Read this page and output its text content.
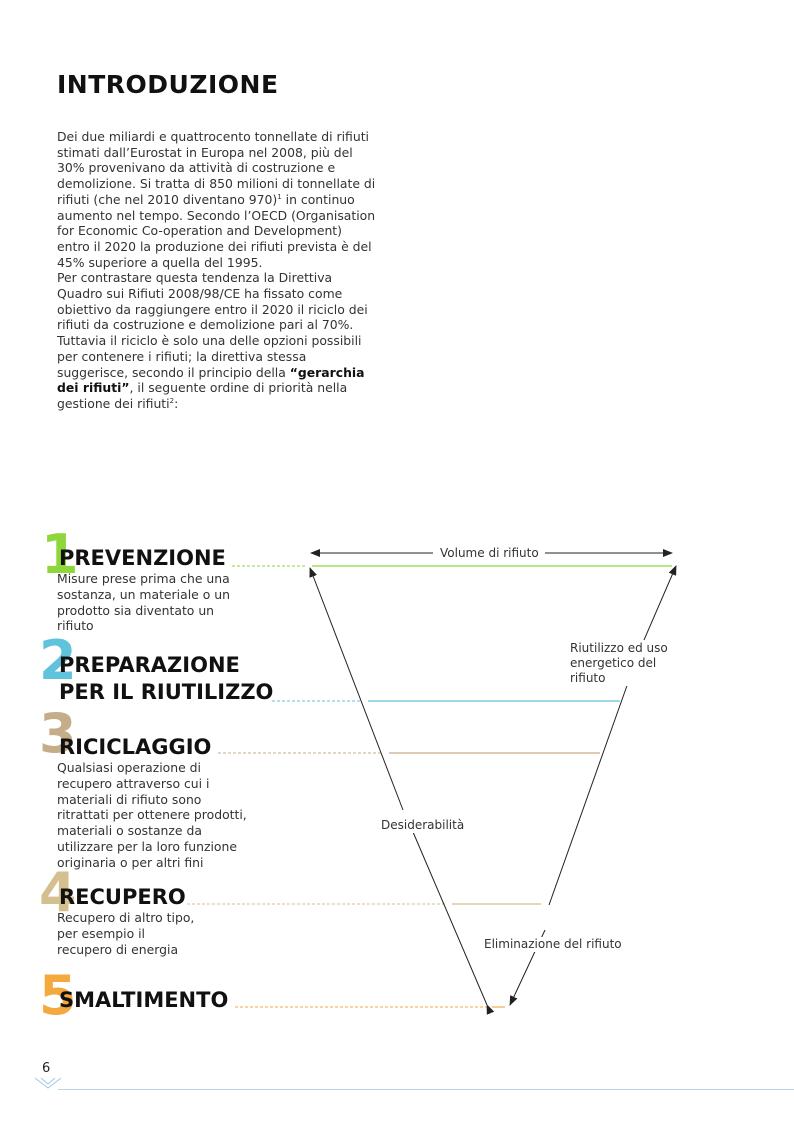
INTRODUZIONE

Dei due miliardi e quattrocento tonnellate di rifiuti stimati dall’Eurostat in Europa nel 2008, più del 30% provenivano da attività di costruzione e demolizione. Si tratta di 850 milioni di tonnellate di rifiuti (che nel 2010 diventano 970)$^1$ in continuo aumento nel tempo. Secondo l’OECD (Organisation for Economic Co-operation and Development) entro il 2020 la produzione dei rifiuti prevista è del 45% superiore a quella del 1995.

Per contrastare questa tendenza la Direttiva Quadro sui Rifiuti 2008/98/CE ha fissato come obiettivo da raggiungere entro il 2020 il riciclo dei rifiuti da costruzione e demolizione pari al 70%.

Tuttavia il riciclo è solo una delle opzioni possibili per contenere i rifiuti; la direttiva stessa suggerisce, secondo il principio della “gerarchia dei rifiuti”, il seguente ordine di priorità nella gestione dei rifiuti$^2$:

1
PREVENZIONE
Misure prese prima che una sostanza, un materiale o un prodotto sia diventato un rifiuto
2
PREPARAZIONE
PER IL RIUTILIZZO
3
RICICLAGGIO
Qualsiasi operazione di recupero attraverso cui i materiali di rifiuto sono ritrattati per ottenere prodotti, materiali o sostanze da utilizzare per la loro funzione originaria o per altri fini
4
RECUPERO
Recupero di altro tipo, per esempio il recupero di energia
5
SMALTIMENTO
Volume di rifiuto
Riutilizzo ed uso energetico del rifiuto
Desiderabilità
Eliminazione del rifiuto
6
